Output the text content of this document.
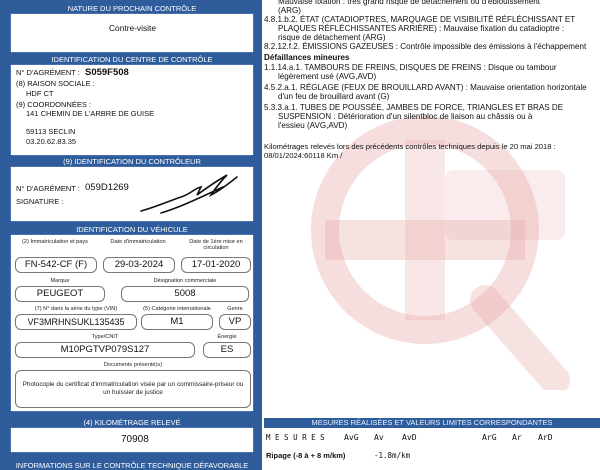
NATURE DU PROCHAIN CONTRÔLE
Contre-visite
IDENTIFICATION DU CENTRE DE CONTRÔLE
N° D'AGRÉMENT : S059F508
(8) RAISON SOCIALE :
HDF CT
(9) COORDONNÉES :
141 CHEMIN DE L'ARBRE DE GUISE
59113 SECLIN
03.20.62.83.35
(9) IDENTIFICATION DU CONTRÔLEUR
N° D'AGRÉMENT : 059D1269
SIGNATURE :
IDENTIFICATION DU VÉHICULE
(2) Immatriculation et pays	Date d'immatriculation	Date de 1ère mise en circulation
FN-542-CF (F)	29-03-2024	17-01-2020
Marque	Désignation commerciale
PEUGEOT	5008
(7) N° dans la série du type (VIN)	(5) Catégorie internationale	Genre
VF3MRHNSUKL135435	M1	VP
Type/CNIT	Énergie
M10PGTVP079S127	ES
Documents présenté(s)
Photocopie du certificat d'immatriculation visée par un commissaire-priseur ou
un huissier de justice
(4) KILOMÉTRAGE RELEVÉ
70908
INFORMATIONS SUR LE CONTRÔLE TECHNIQUE DÉFAVORABLE
Mauvaise fixation : très grand risque de détachement ou d'éblouissement
(ARG)
4.8.1.b.2. ÉTAT (CATADIOPTRES, MARQUAGE DE VISIBILITÉ RÉFLÉCHISSANT ET
PLAQUES RÉFLÉCHISSANTES ARRIÈRE) : Mauvaise fixation du catadioptre :
risque de détachement (ARG)
8.2.12.f.2. ÉMISSIONS GAZEUSES : Contrôle impossible des émissions à l'échappement
Défaillances mineures
1.1.14.a.1. TAMBOURS DE FREINS, DISQUES DE FREINS : Disque ou tambour
légèrement usé (AVG,AVD)
4.5.2.a.1. RÉGLAGE (FEUX DE BROUILLARD AVANT) : Mauvaise orientation horizontale
d'un feu de brouillard avant (G)
5.3.3.a.1. TUBES DE POUSSÉE, JAMBES DE FORCE, TRIANGLES ET BRAS DE
SUSPENSION : Détérioration d'un silentbloc de liaison au châssis ou à
l'essieu (AVG,AVD)
Kilométrages relevés lors des précédents contrôles techniques depuis le 20 mai 2018 :
08/01/2024:60118 Km /
MESURES RÉALISÉES ET VALEURS LIMITES CORRESPONDANTES
M E S U R E S AvG Av AvD	ArG Ar ArD
Ripage (-8 à + 8 m/km)	-1.8m/km
